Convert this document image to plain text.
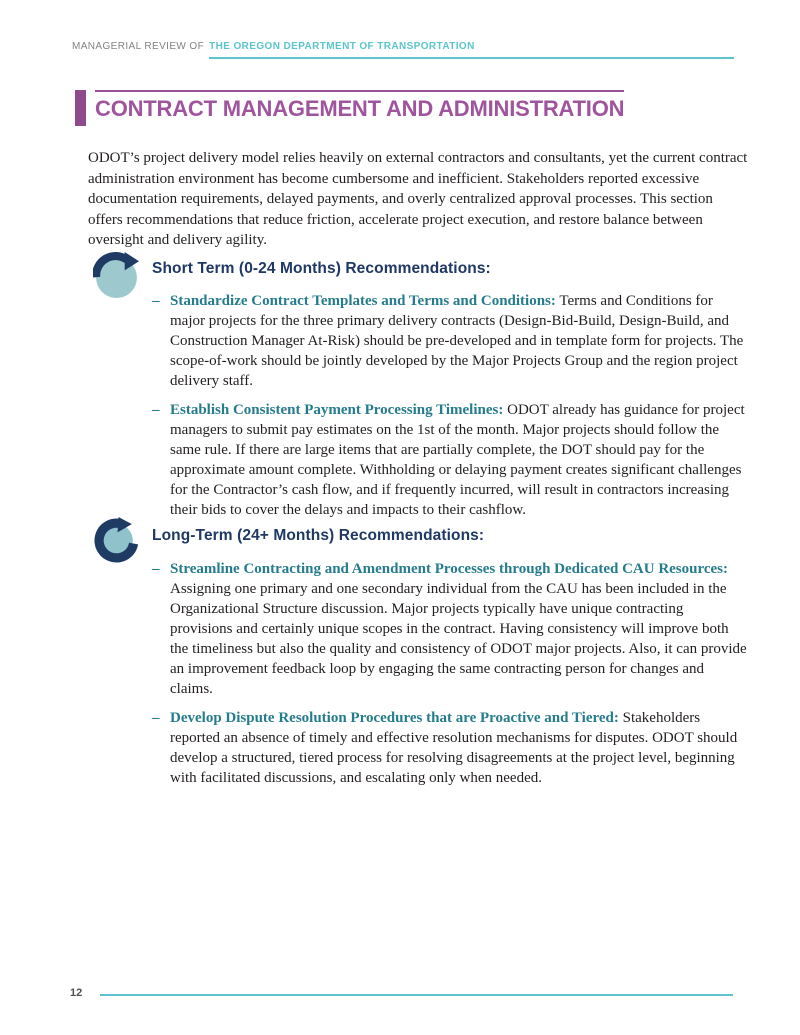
MANAGERIAL REVIEW OF THE OREGON DEPARTMENT OF TRANSPORTATION
CONTRACT MANAGEMENT AND ADMINISTRATION

ODOT’s project delivery model relies heavily on external contractors and consultants, yet the current contract administration environment has become cumbersome and inefficient. Stakeholders reported excessive documentation requirements, delayed payments, and overly centralized approval processes. This section offers recommendations that reduce friction, accelerate project execution, and restore balance between oversight and delivery agility.

Short Term (0-24 Months) Recommendations:
– Standardize Contract Templates and Terms and Conditions: Terms and Conditions for major projects for the three primary delivery contracts (Design-Bid-Build, Design-Build, and Construction Manager At-Risk) should be pre-developed and in template form for projects. The scope-of-work should be jointly developed by the Major Projects Group and the region project delivery staff.

– Establish Consistent Payment Processing Timelines: ODOT already has guidance for project managers to submit pay estimates on the 1st of the month. Major projects should follow the same rule. If there are large items that are partially complete, the DOT should pay for the approximate amount complete. Withholding or delaying payment creates significant challenges for the Contractor’s cash flow, and if frequently incurred, will result in contractors increasing their bids to cover the delays and impacts to their cashflow.

Long-Term (24+ Months) Recommendations:
– Streamline Contracting and Amendment Processes through Dedicated CAU Resources: Assigning one primary and one secondary individual from the CAU has been included in the Organizational Structure discussion. Major projects typically have unique contracting provisions and certainly unique scopes in the contract. Having consistency will improve both the timeliness but also the quality and consistency of ODOT major projects. Also, it can provide an improvement feedback loop by engaging the same contracting person for changes and claims.

– Develop Dispute Resolution Procedures that are Proactive and Tiered: Stakeholders reported an absence of timely and effective resolution mechanisms for disputes. ODOT should develop a structured, tiered process for resolving disagreements at the project level, beginning with facilitated discussions, and escalating only when needed.

12
